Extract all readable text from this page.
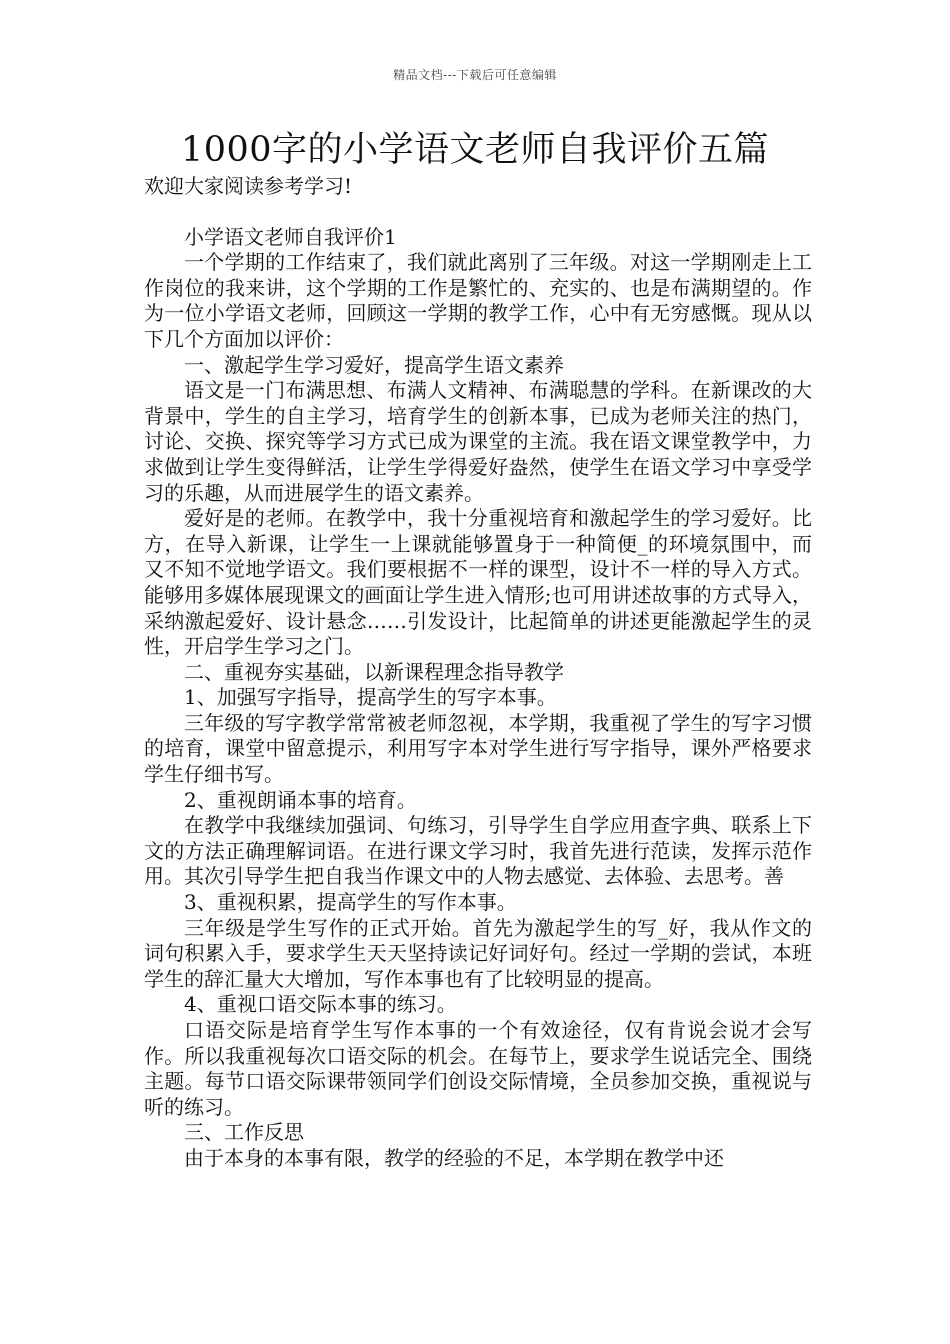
精品文档---下载后可任意编辑
1000字的小学语文老师自我评价五篇
欢迎大家阅读参考学习!

小学语文老师自我评价1

一个学期的工作结束了，我们就此离别了三年级。对这一学期刚走上工作岗位的我来讲，这个学期的工作是繁忙的、充实的、也是布满期望的。作为一位小学语文老师，回顾这一学期的教学工作，心中有无穷感慨。现从以下几个方面加以评价：

一、激起学生学习爱好，提高学生语文素养

语文是一门布满思想、布满人文精神、布满聪慧的学科。在新课改的大背景中，学生的自主学习，培育学生的创新本事，已成为老师关注的热门，讨论、交换、探究等学习方式已成为课堂的主流。我在语文课堂教学中，力求做到让学生变得鲜活，让学生学得爱好盎然，使学生在语文学习中享受学习的乐趣，从而进展学生的语文素养。

爱好是的老师。在教学中，我十分重视培育和激起学生的学习爱好。比方，在导入新课，让学生一上课就能够置身于一种简便_的环境氛围中，而又不知不觉地学语文。我们要根据不一样的课型，设计不一样的导入方式。能够用多媒体展现课文的画面让学生进入情形;也可用讲述故事的方式导入，采纳激起爱好、设计悬念……引发设计，比起简单的讲述更能激起学生的灵性，开启学生学习之门。

二、重视夯实基础，以新课程理念指导教学

1、加强写字指导，提高学生的写字本事。

三年级的写字教学常常被老师忽视，本学期，我重视了学生的写字习惯的培育，课堂中留意提示，利用写字本对学生进行写字指导，课外严格要求学生仔细书写。

2、重视朗诵本事的培育。

在教学中我继续加强词、句练习，引导学生自学应用查字典、联系上下文的方法正确理解词语。在进行课文学习时，我首先进行范读，发挥示范作用。其次引导学生把自我当作课文中的人物去感觉、去体验、去思考。善

3、重视积累，提高学生的写作本事。

三年级是学生写作的正式开始。首先为激起学生的写_好，我从作文的词句积累入手，要求学生天天坚持读记好词好句。经过一学期的尝试，本班学生的辞汇量大大增加，写作本事也有了比较明显的提高。

4、重视口语交际本事的练习。

口语交际是培育学生写作本事的一个有效途径，仅有肯说会说才会写作。所以我重视每次口语交际的机会。在每节上，要求学生说话完全、围绕主题。每节口语交际课带领同学们创设交际情境，全员参加交换，重视说与听的练习。

三、工作反思

由于本身的本事有限，教学的经验的不足，本学期在教学中还
